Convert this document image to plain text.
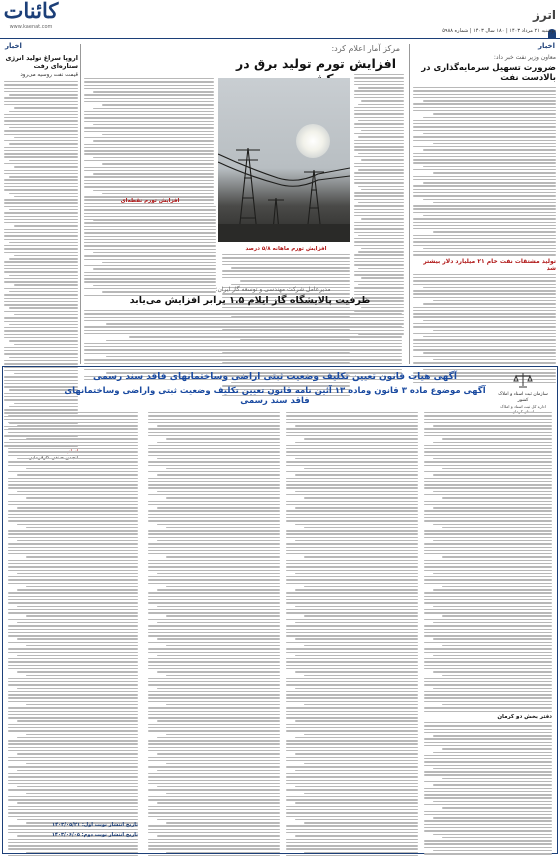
کائنات
www.kaenat.com
اترز
دوشنبه ۲۱ مرداد ۱۴۰۳ | ۱۸۰ سال ۱۴۰۳ | شماره ۵۹۸۸
اخبار
اخبار
معاون وزیر نفت خبر داد:
ضرورت تسهیل سرمایه‌گذاری در بالادست نفت
تولید مشتقات نفت خام ۲۱ میلیارد دلار بیشتر شد
مرکز آمار اعلام کرد:
افزایش تورم تولید برق در
افزایش تورم ماهانه ۵/۸ درصد
افزایش تورم نقطه‌ای
مدیرعامل شرکت مهندسی و توسعه گاز ایران:
ظرفیت پالایشگاه گاز ایلام ۱.۵ برابر افزایش می‌یابد
اروپا سراغ تولید انرژی ستاره‌ای رفت
قیمت نفت روسیه می‌رود
آگهی هیات قانون تعیین تکلیف وضعیت ثبتی اراضی وساختمانهای فاقد سند رسمی
آگهی موضوع ماده ۳ قانون وماده ۱۳ آئین نامه قانون تعیین تکلیف وضعیت ثبتی واراضی وساختمانهای فاقد سند رسمی
سازمان ثبت اسناد و املاک کشور
اداره کل ثبت اسناد و املاک
دفتر بخش دو کرمان
تاریخ انتشار نوبت اول: ۱۴۰۳/۰۵/۲۱
تاریخ انتشار نوبت دوم: ۱۴۰۳/۰۶/۰۵
